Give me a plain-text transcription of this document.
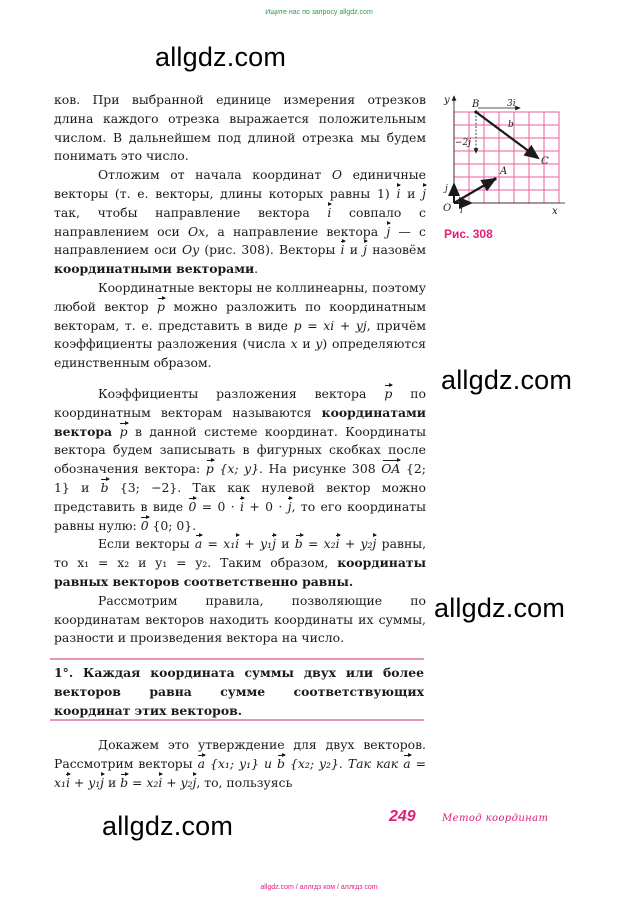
Ищите нас по запросу allgdz.com
allgdz.com / аллгдз ком / аллгдз com
allgdz.com
allgdz.com
allgdz.com
allgdz.com

ков. При выбранной единице измерения отрезков длина каждого отрезка выражается положительным числом. В дальнейшем под длиной отрезка мы будем понимать это число.

Отложим от начала координат O единичные векторы (т. е. векторы, длины которых равны 1) i и j так, чтобы направление вектора i совпало с направлением оси Ox, а направление вектора j — с направлением оси Oy (рис. 308). Векторы i и j назовём координатными векторами.

Координатные векторы не коллинеарны, поэтому любой вектор p можно разложить по координатным векторам, т. е. представить в виде p = xi + yj, причём коэффициенты разложения (числа x и y) определяются единственным образом.

Коэффициенты разложения вектора p по координатным векторам называются координатами вектора p в данной системе координат. Координаты вектора будем записывать в фигурных скобках после обозначения вектора: p {x; y}. На рисунке 308 OA {2; 1} и b {3; −2}. Так как нулевой вектор можно представить в виде 0 = 0 · i + 0 · j, то его координаты равны нулю: 0 {0; 0}.

Если векторы a = x₁i + y₁j и b = x₂i + y₂j равны, то x₁ = x₂ и y₁ = y₂. Таким образом, координаты равных векторов соответственно равны.

Рассмотрим правила, позволяющие по координатам векторов находить координаты их суммы, разности и произведения вектора на число.

1°. Каждая координата суммы двух или более векторов равна сумме соответствующих координат этих векторов.

Докажем это утверждение для двух векторов. Рассмотрим векторы a {x₁; y₁} и b {x₂; y₂}. Так как a = x₁i + y₁j и b = x₂i + y₂j, то, пользуясь

y
x
O
B
A
C
3i
b
−2j
j
i
Рис. 308
249	Метод координат
